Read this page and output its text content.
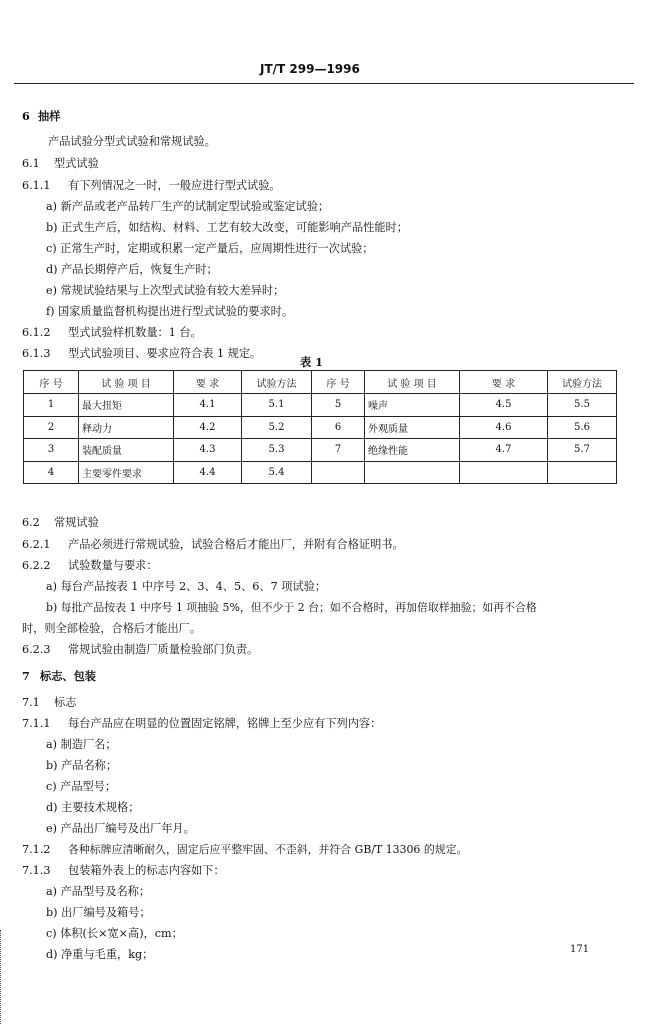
JT/T 299—1996
6 抽样
产品试验分型式试验和常规试验。
6.1 型式试验
6.1.1 有下列情况之一时，一般应进行型式试验。
a) 新产品或老产品转厂生产的试制定型试验或鉴定试验；
b) 正式生产后，如结构、材料、工艺有较大改变，可能影响产品性能时；
c) 正常生产时，定期或积累一定产量后，应周期性进行一次试验；
d) 产品长期停产后，恢复生产时；
e) 常规试验结果与上次型式试验有较大差异时；
f) 国家质量监督机构提出进行型式试验的要求时。
6.1.2 型式试验样机数量：1 台。
6.1.3 型式试验项目、要求应符合表 1 规定。
表 1
序 号	试 验 项 目	要 求	试验方法	序 号	试 验 项 目	要 求	试验方法
1	最大扭矩	4.1	5.1	5	噪声	4.5	5.5
2	释动力	4.2	5.2	6	外观质量	4.6	5.6
3	装配质量	4.3	5.3	7	绝缘性能	4.7	5.7
4	主要零件要求	4.4	5.4				
6.2 常规试验
6.2.1 产品必须进行常规试验，试验合格后才能出厂，并附有合格证明书。
6.2.2 试验数量与要求：
a) 每台产品按表 1 中序号 2、3、4、5、6、7 项试验；
b) 每批产品按表 1 中序号 1 项抽验 5%，但不少于 2 台；如不合格时，再加倍取样抽验；如再不合格
时，则全部检验，合格后才能出厂。
6.2.3 常规试验由制造厂质量检验部门负责。
7 标志、包装
7.1 标志
7.1.1 每台产品应在明显的位置固定铭牌，铭牌上至少应有下列内容：
a) 制造厂名；
b) 产品名称；
c) 产品型号；
d) 主要技术规格；
e) 产品出厂编号及出厂年月。
7.1.2 各种标牌应清晰耐久，固定后应平整牢固、不歪斜，并符合 GB/T 13306 的规定。
7.1.3 包装箱外表上的标志内容如下：
a) 产品型号及名称；
b) 出厂编号及箱号；
c) 体积(长×宽×高)，cm；
d) 净重与毛重，kg；	171
